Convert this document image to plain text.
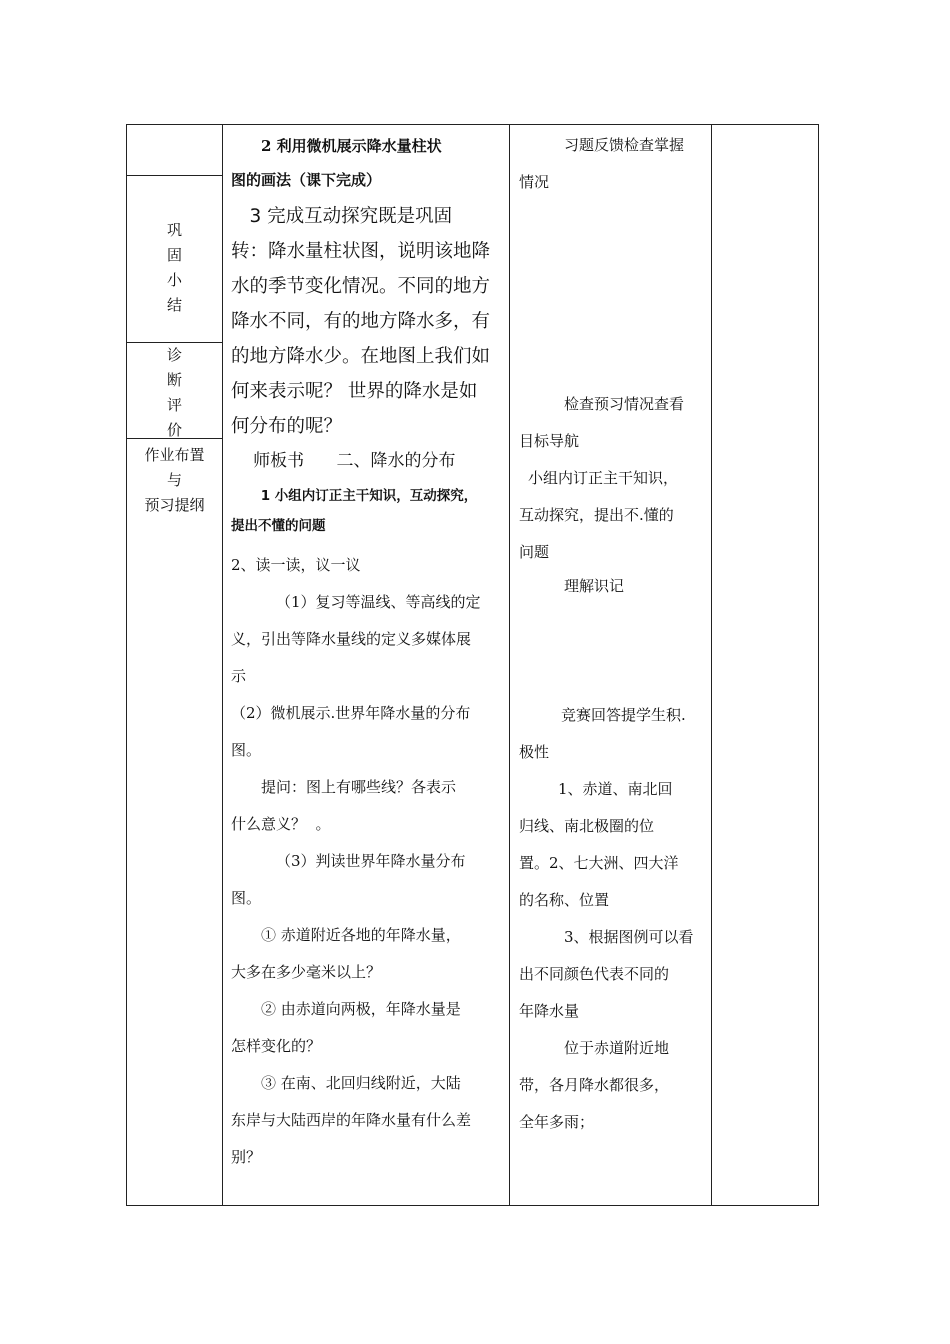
巩
固
小
结
诊
断
评
价
作业布置
与
预习提纲

2 利用微机展示降水量柱状

图的画法（课下完成）

3 完成互动探究既是巩固

转：降水量柱状图，说明该地降

水的季节变化情况。不同的地方

降水不同，有的地方降水多，有

的地方降水少。在地图上我们如

何来表示呢？ 世界的降水是如

何分布的呢？

师板书      二、降水的分布

1 小组内订正主干知识，互动探究，

提出不懂的问题

2、读一读，议一议

（1）复习等温线、等高线的定

义，引出等降水量线的定义多媒体展

示

（2）微机展示.世界年降水量的分布

图。

提问：图上有哪些线？各表示

什么意义？  。

（3）判读世界年降水量分布

图。

① 赤道附近各地的年降水量，

大多在多少毫米以上？

② 由赤道向两极，年降水量是

怎样变化的？

③ 在南、北回归线附近，大陆

东岸与大陆西岸的年降水量有什么差

别？

习题反馈检查掌握

情况

检查预习情况查看

目标导航

小组内订正主干知识，

互动探究，提出不.懂的

问题

理解识记

竞赛回答提学生积.

极性

1、赤道、南北回

归线、南北极圈的位

置。2、七大洲、四大洋

的名称、位置

3、根据图例可以看

出不同颜色代表不同的

年降水量

位于赤道附近地

带，各月降水都很多，

全年多雨；
